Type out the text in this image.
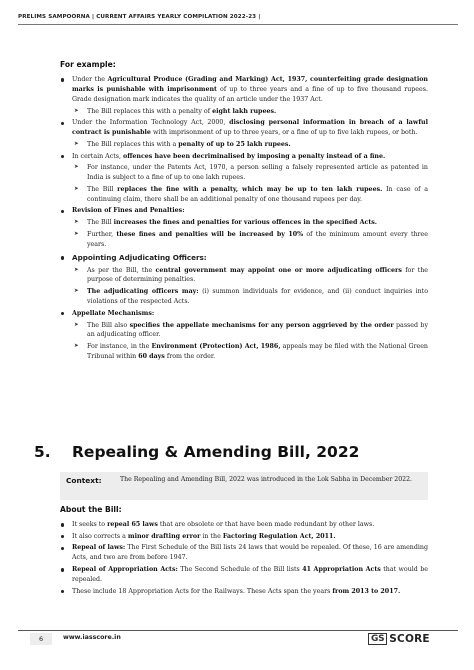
PRELIMS SAMPOORNA | CURRENT AFFAIRS YEARLY COMPILATION 2022-23 |
For example:
Under the Agricultural Produce (Grading and Marking) Act, 1937, counterfeiting grade designation marks is punishable with imprisonment of up to three years and a fine of up to five thousand rupees. Grade designation mark indicates the quality of an article under the 1937 Act.
➤ The Bill replaces this with a penalty of eight lakh rupees.
Under the Information Technology Act, 2000, disclosing personal information in breach of a lawful contract is punishable with imprisonment of up to three years, or a fine of up to five lakh rupees, or both.
➤ The Bill replaces this with a penalty of up to 25 lakh rupees.
In certain Acts, offences have been decriminalised by imposing a penalty instead of a fine.
➤ For instance, under the Patents Act, 1970, a person selling a falsely represented article as patented in India is subject to a fine of up to one lakh rupees.
➤ The Bill replaces the fine with a penalty, which may be up to ten lakh rupees. In case of a continuing claim, there shall be an additional penalty of one thousand rupees per day.
Revision of Fines and Penalties:
➤ The Bill increases the fines and penalties for various offences in the specified Acts.
➤ Further, these fines and penalties will be increased by 10% of the minimum amount every three years.
Appointing Adjudicating Officers:
➤ As per the Bill, the central government may appoint one or more adjudicating officers for the purpose of determining penalties.
➤ The adjudicating officers may: (i) summon individuals for evidence, and (ii) conduct inquiries into violations of the respected Acts.
Appellate Mechanisms:
➤ The Bill also specifies the appellate mechanisms for any person aggrieved by the order passed by an adjudicating officer.
➤ For instance, in the Environment (Protection) Act, 1986, appeals may be filed with the National Green Tribunal within 60 days from the order.
5. Repealing & Amending Bill, 2022
Context:	The Repealing and Amending Bill, 2022 was introduced in the Lok Sabha in December 2022.
About the Bill:
It seeks to repeal 65 laws that are obsolete or that have been made redundant by other laws.
It also corrects a minor drafting error in the Factoring Regulation Act, 2011.
Repeal of laws: The First Schedule of the Bill lists 24 laws that would be repealed. Of these, 16 are amending Acts, and two are from before 1947.
Repeal of Appropriation Acts: The Second Schedule of the Bill lists 41 Appropriation Acts that would be repealed.
These include 18 Appropriation Acts for the Railways. These Acts span the years from 2013 to 2017.
6	www.iasscore.in	GS SCORE
